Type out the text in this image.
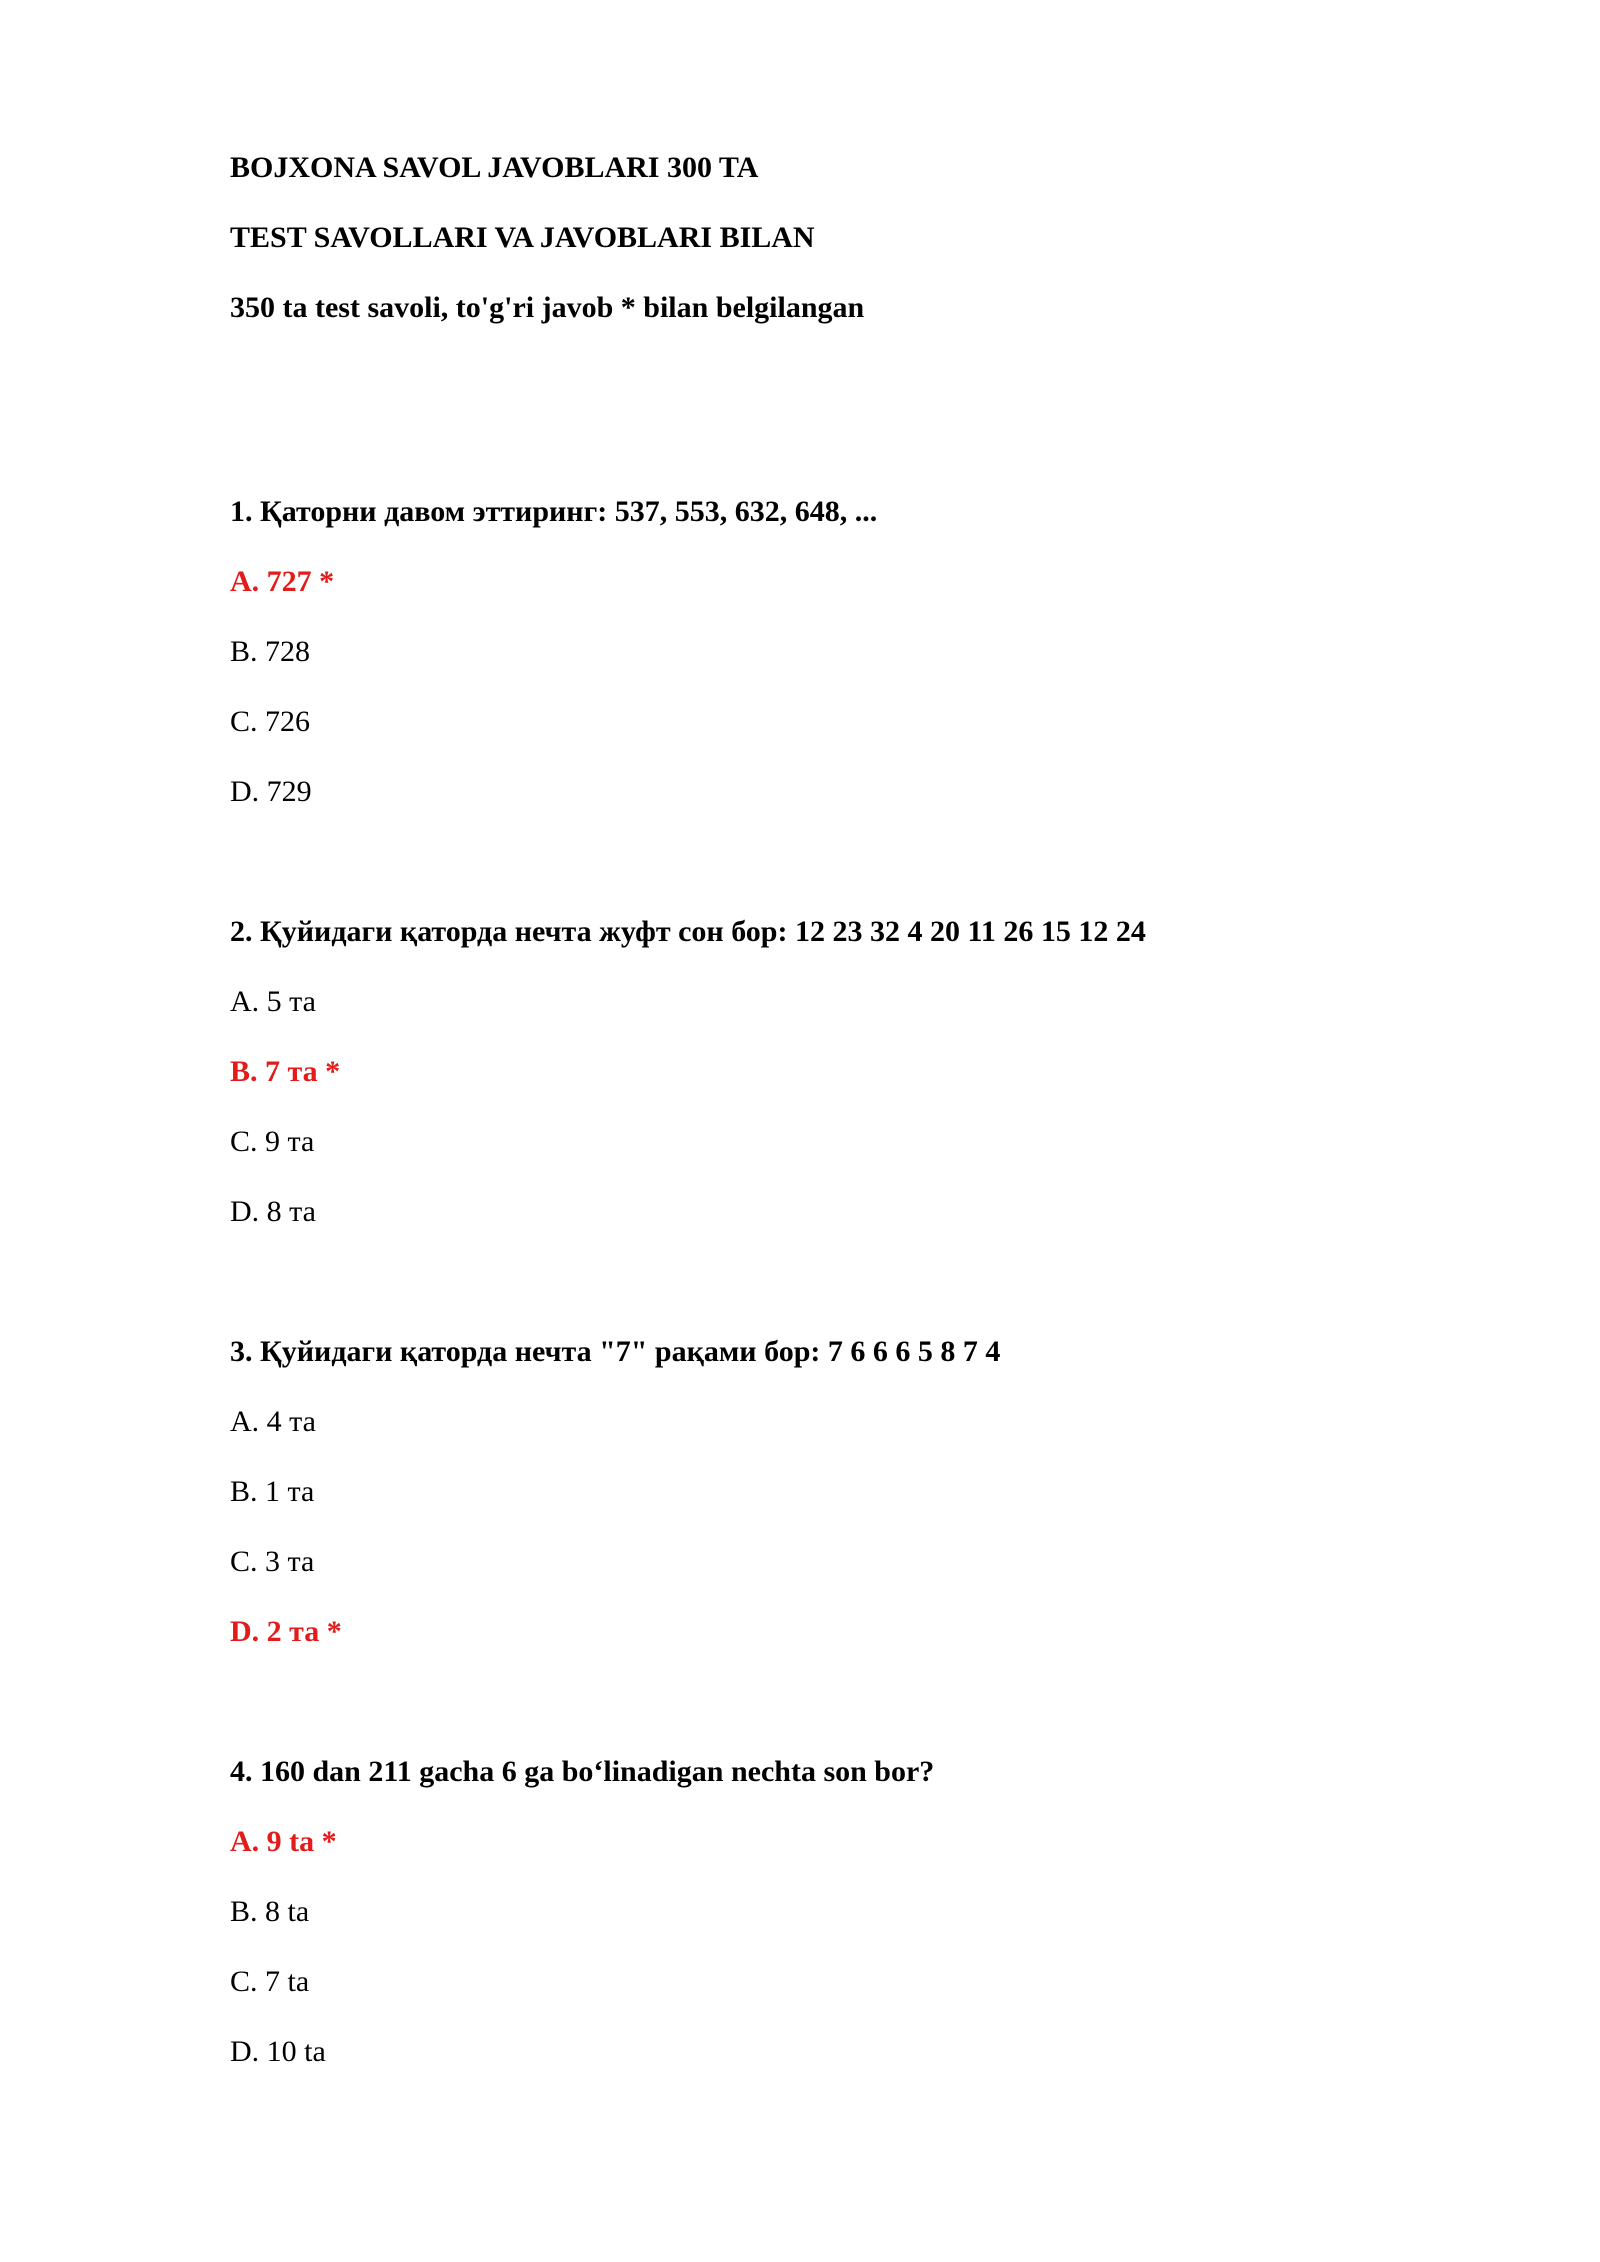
BOJXONA SAVOL JAVOBLARI 300 TA
TEST SAVOLLARI VA JAVOBLARI BILAN
350 ta test savoli, to'g'ri javob * bilan belgilangan
1. Қаторни давом эттиринг: 537, 553, 632, 648, ...
A. 727 *
B. 728
C. 726
D. 729
2. Қуйидаги қаторда нечта жуфт сон бор: 12 23 32 4 20 11 26 15 12 24
A. 5 та
B. 7 та *
C. 9 та
D. 8 та
3. Қуйидаги қаторда нечта "7" рақами бор: 7 6 6 6 5 8 7 4
A. 4 та
B. 1 та
C. 3 та
D. 2 та *
4. 160 dan 211 gacha 6 ga bo‘linadigan nechta son bor?
A. 9 ta *
B. 8 ta
C. 7 ta
D. 10 ta
